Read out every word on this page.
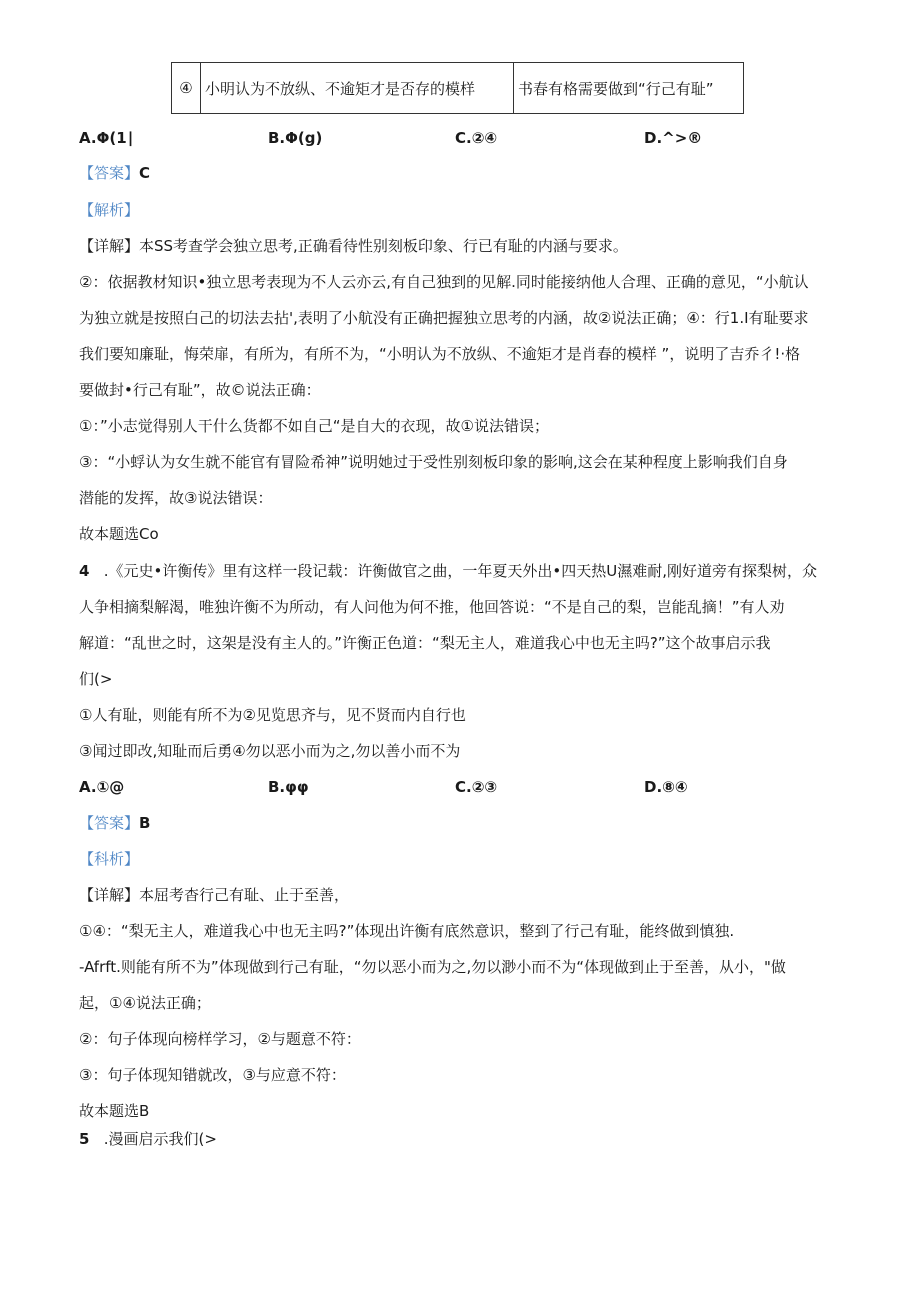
④	小明认为不放纵、不逾矩才是否存的模样	书春有格需要做到“行己有耻”
A.Φ(1∣	B.Φ(g)	C.②④	D.^>®
【答案】C
【解析】
【详解】本SS考查学会独立思考,正确看待性别刻板印象、行已有耻的内涵与要求。
②：依据教材知识•独立思考表现为不人云亦云,有自己独到的见解.同时能接纳他人合理、正确的意见，“小航认
为独立就是按照白己的切法去拈',表明了小航没有正确把握独立思考的内涵，故②说法正确；④：行1.I有耻要求
我们要知廉耻，悔荣扉，有所为，有所不为，“小明认为不放纵、不逾矩才是肖春的模样 ”，说明了吉乔彳!·格
要做封•行己有耻”，故©说法正确：
①：”小志觉得别人干什么货都不如自己“是自大的衣现，故①说法错误；
③：“小蜉认为女生就不能官有冒险希神”说明她过于受性别刻板印象的影响,这会在某种程度上影响我们自身
潜能的发挥，故③说法错误：
故本题选Co
4 .《元史•许衡传》里有这样一段记载：许衡做官之曲，一年夏天外出•四天热U濕难耐,刚好道旁有探梨树，众
人争相摘梨解渴，唯独许衡不为所动，有人问他为何不推，他回答说：“不是自己的梨，岂能乱摘！”有人劝
解道：“乱世之时，这架是没有主人的。”许衡正色道：“梨无主人，难道我心中也无主吗?”这个故事启示我
们(>
①人有耻，则能有所不为②见览思齐与，见不贤而内自行也
③闻过即改,知耻而后勇④勿以恶小而为之,勿以善小而不为
A.①@	B.φφ	C.②③	D.⑧④
【答案】B
【科析】
【详解】本屈考杳行己有耻、止于至善，
①④：“梨无主人，难道我心中也无主吗?”体现出许衡有底然意识，整到了行己有耻，能终做到慎独.
-Afrft.则能有所不为”体现做到行己有耻，“勿以恶小而为之,勿以渺小而不为“体现做到止于至善，从小，"做
起，①④说法正确；
②：句子体现向榜样学习，②与题意不符：
③：句子体现知错就改，③与应意不符：
故本题选B
5 .漫画启示我们(>
